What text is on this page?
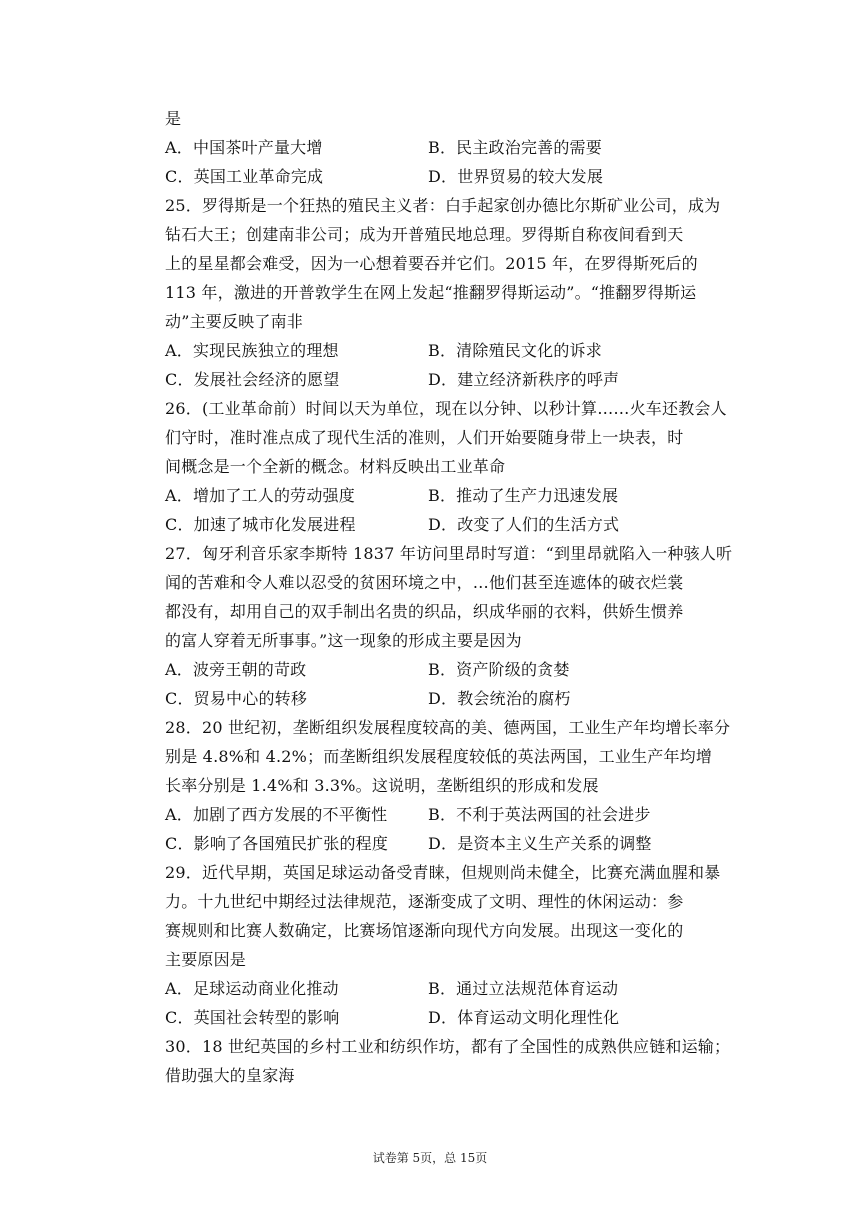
是
A．中国茶叶产量大增	B．民主政治完善的需要
C．英国工业革命完成	D．世界贸易的较大发展
25．罗得斯是一个狂热的殖民主义者：白手起家创办德比尔斯矿业公司，成为
钻石大王；创建南非公司；成为开普殖民地总理。罗得斯自称夜间看到天
上的星星都会难受，因为一心想着要吞并它们。2015 年，在罗得斯死后的
113 年，激进的开普敦学生在网上发起“推翻罗得斯运动”。“推翻罗得斯运
动”主要反映了南非
A．实现民族独立的理想	B．清除殖民文化的诉求
C．发展社会经济的愿望	D．建立经济新秩序的呼声
26．(工业革命前）时间以天为单位，现在以分钟、以秒计算……火车还教会人
们守时，准时准点成了现代生活的准则，人们开始要随身带上一块表，时
间概念是一个全新的概念。材料反映出工业革命
A．增加了工人的劳动强度	B．推动了生产力迅速发展
C．加速了城市化发展进程	D．改变了人们的生活方式
27．匈牙利音乐家李斯特 1837 年访问里昂时写道：“到里昂就陷入一种骇人听
闻的苦难和令人难以忍受的贫困环境之中，…他们甚至连遮体的破衣烂裳
都没有，却用自己的双手制出名贵的织品，织成华丽的衣料，供娇生惯养
的富人穿着无所事事。”这一现象的形成主要是因为
A．波旁王朝的苛政	B．资产阶级的贪婪
C．贸易中心的转移	D．教会统治的腐朽
28．20 世纪初，垄断组织发展程度较高的美、德两国，工业生产年均增长率分
别是 4.8%和 4.2%；而垄断组织发展程度较低的英法两国，工业生产年均增
长率分别是 1.4%和 3.3%。这说明，垄断组织的形成和发展
A．加剧了西方发展的不平衡性	B．不利于英法两国的社会进步
C．影响了各国殖民扩张的程度 D．是资本主义生产关系的调整
29．近代早期，英国足球运动备受青睐，但规则尚未健全，比赛充满血腥和暴
力。十九世纪中期经过法律规范，逐渐变成了文明、理性的休闲运动：参
赛规则和比赛人数确定，比赛场馆逐渐向现代方向发展。出现这一变化的
主要原因是
A．足球运动商业化推动	B．通过立法规范体育运动
C．英国社会转型的影响	D．体育运动文明化理性化
30．18 世纪英国的乡村工业和纺织作坊，都有了全国性的成熟供应链和运输；
借助强大的皇家海
试卷第 5页，总 15页
